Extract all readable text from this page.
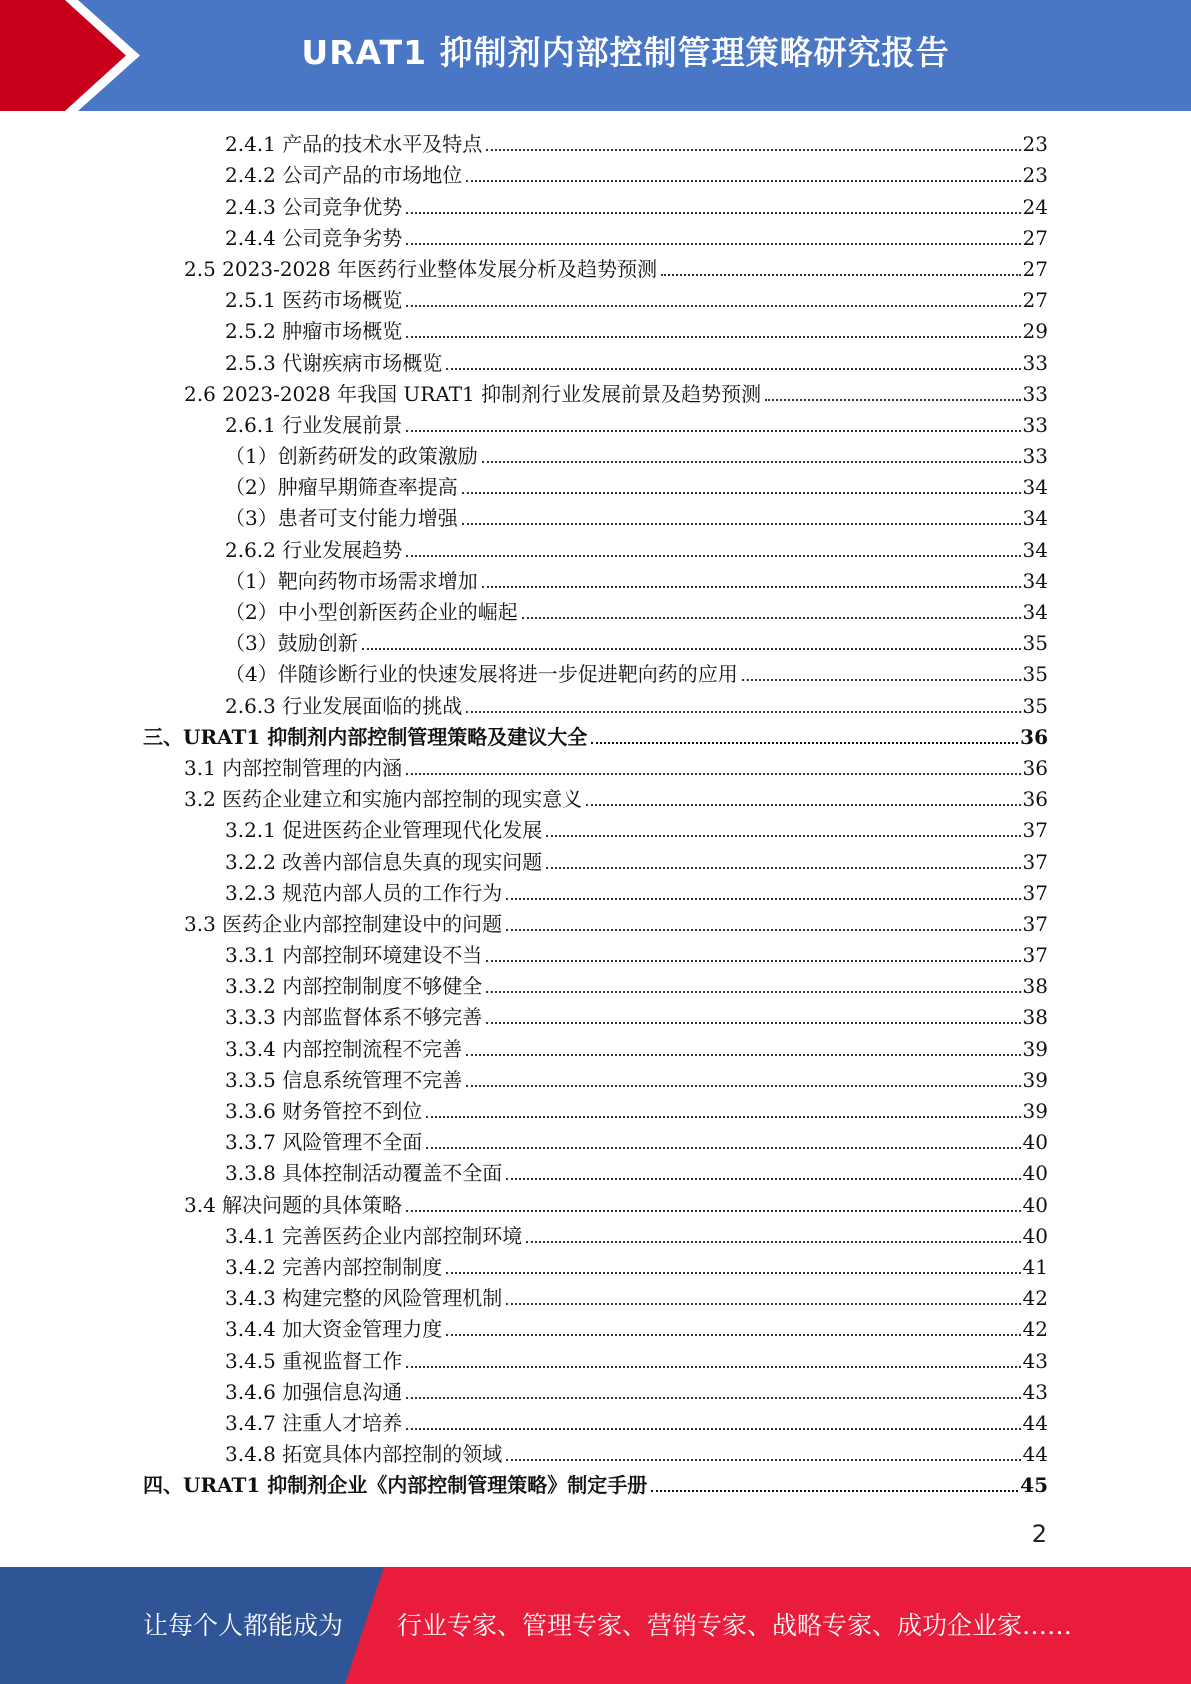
URAT1 抑制剂内部控制管理策略研究报告
2.4.1 产品的技术水平及特点	23
2.4.2 公司产品的市场地位	23
2.4.3 公司竞争优势	24
2.4.4 公司竞争劣势	27
2.5 2023-2028 年医药行业整体发展分析及趋势预测	27
2.5.1 医药市场概览	27
2.5.2 肿瘤市场概览	29
2.5.3 代谢疾病市场概览	33
2.6 2023-2028 年我国 URAT1 抑制剂行业发展前景及趋势预测	33
2.6.1 行业发展前景	33
（1）创新药研发的政策激励	33
（2）肿瘤早期筛查率提高	34
（3）患者可支付能力增强	34
2.6.2 行业发展趋势	34
（1）靶向药物市场需求增加	34
（2）中小型创新医药企业的崛起	34
（3）鼓励创新	35
（4）伴随诊断行业的快速发展将进一步促进靶向药的应用	35
2.6.3 行业发展面临的挑战	35
三、URAT1 抑制剂内部控制管理策略及建议大全	36
3.1 内部控制管理的内涵	36
3.2 医药企业建立和实施内部控制的现实意义	36
3.2.1 促进医药企业管理现代化发展	37
3.2.2 改善内部信息失真的现实问题	37
3.2.3 规范内部人员的工作行为	37
3.3 医药企业内部控制建设中的问题	37
3.3.1 内部控制环境建设不当	37
3.3.2 内部控制制度不够健全	38
3.3.3 内部监督体系不够完善	38
3.3.4 内部控制流程不完善	39
3.3.5 信息系统管理不完善	39
3.3.6 财务管控不到位	39
3.3.7 风险管理不全面	40
3.3.8 具体控制活动覆盖不全面	40
3.4 解决问题的具体策略	40
3.4.1 完善医药企业内部控制环境	40
3.4.2 完善内部控制制度	41
3.4.3 构建完整的风险管理机制	42
3.4.4 加大资金管理力度	42
3.4.5 重视监督工作	43
3.4.6 加强信息沟通	43
3.4.7 注重人才培养	44
3.4.8 拓宽具体内部控制的领域	44
四、URAT1 抑制剂企业《内部控制管理策略》制定手册	45
2
让每个人都能成为 行业专家、管理专家、营销专家、战略专家、成功企业家……
